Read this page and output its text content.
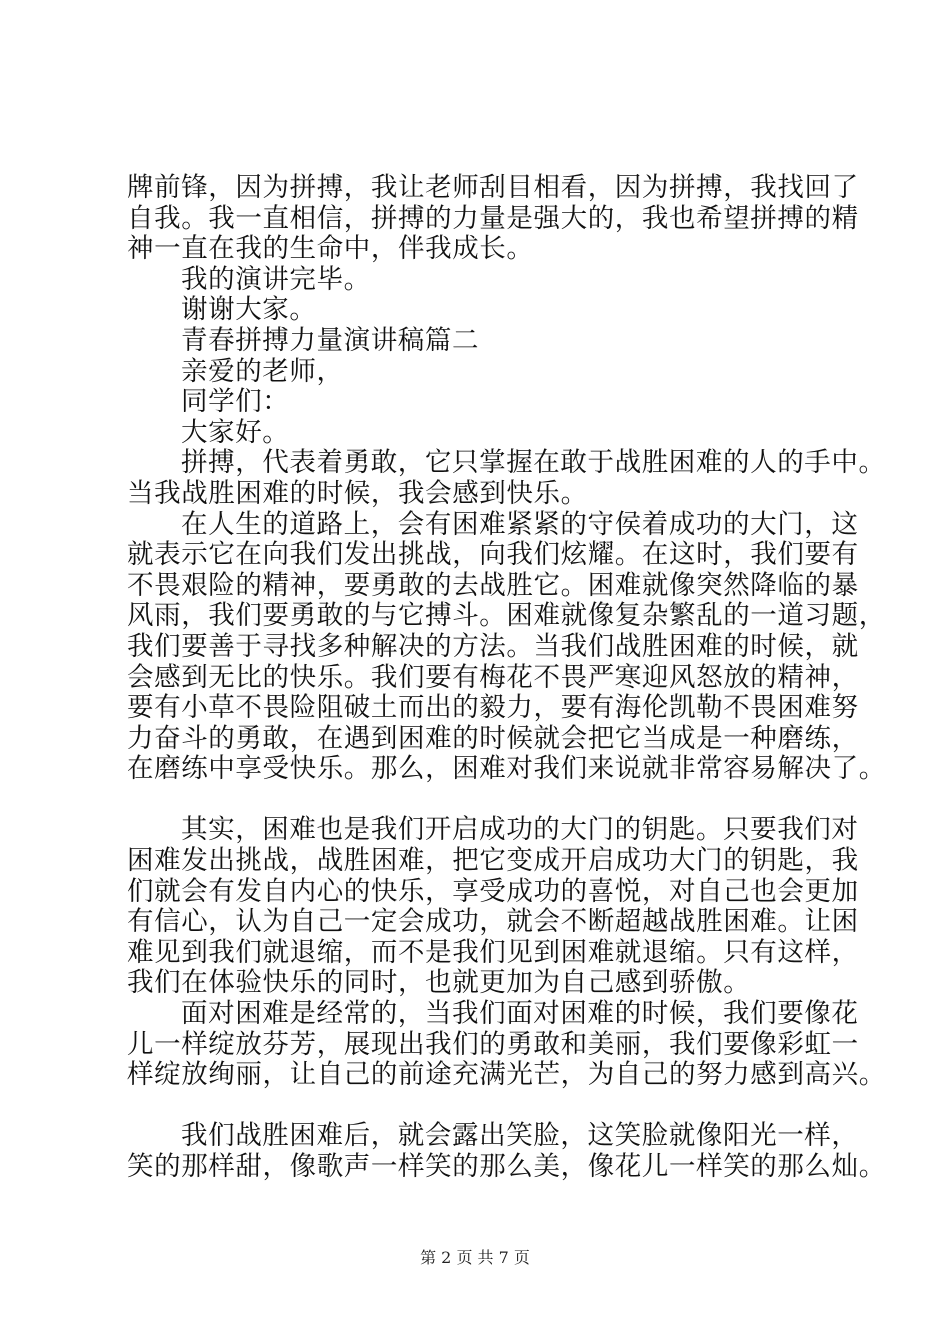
牌前锋，因为拼搏，我让老师刮目相看，因为拼搏，我找回了
自我。我一直相信，拼搏的力量是强大的，我也希望拼搏的精
神一直在我的生命中，伴我成长。
我的演讲完毕。
谢谢大家。
青春拼搏力量演讲稿篇二
亲爱的老师，
同学们：
大家好。
拼搏，代表着勇敢，它只掌握在敢于战胜困难的人的手中。
当我战胜困难的时候，我会感到快乐。
在人生的道路上，会有困难紧紧的守侯着成功的大门，这
就表示它在向我们发出挑战，向我们炫耀。在这时，我们要有
不畏艰险的精神，要勇敢的去战胜它。困难就像突然降临的暴
风雨，我们要勇敢的与它搏斗。困难就像复杂繁乱的一道习题，
我们要善于寻找多种解决的方法。当我们战胜困难的时候，就
会感到无比的快乐。我们要有梅花不畏严寒迎风怒放的精神，
要有小草不畏险阻破土而出的毅力，要有海伦凯勒不畏困难努
力奋斗的勇敢，在遇到困难的时候就会把它当成是一种磨练，
在磨练中享受快乐。那么，困难对我们来说就非常容易解决了。
其实，困难也是我们开启成功的大门的钥匙。只要我们对
困难发出挑战，战胜困难，把它变成开启成功大门的钥匙，我
们就会有发自内心的快乐，享受成功的喜悦，对自己也会更加
有信心，认为自己一定会成功，就会不断超越战胜困难。让困
难见到我们就退缩，而不是我们见到困难就退缩。只有这样，
我们在体验快乐的同时，也就更加为自己感到骄傲。
面对困难是经常的，当我们面对困难的时候，我们要像花
儿一样绽放芬芳，展现出我们的勇敢和美丽，我们要像彩虹一
样绽放绚丽，让自己的前途充满光芒，为自己的努力感到高兴。
我们战胜困难后，就会露出笑脸，这笑脸就像阳光一样，
笑的那样甜，像歌声一样笑的那么美，像花儿一样笑的那么灿。
第 2 页 共 7 页
